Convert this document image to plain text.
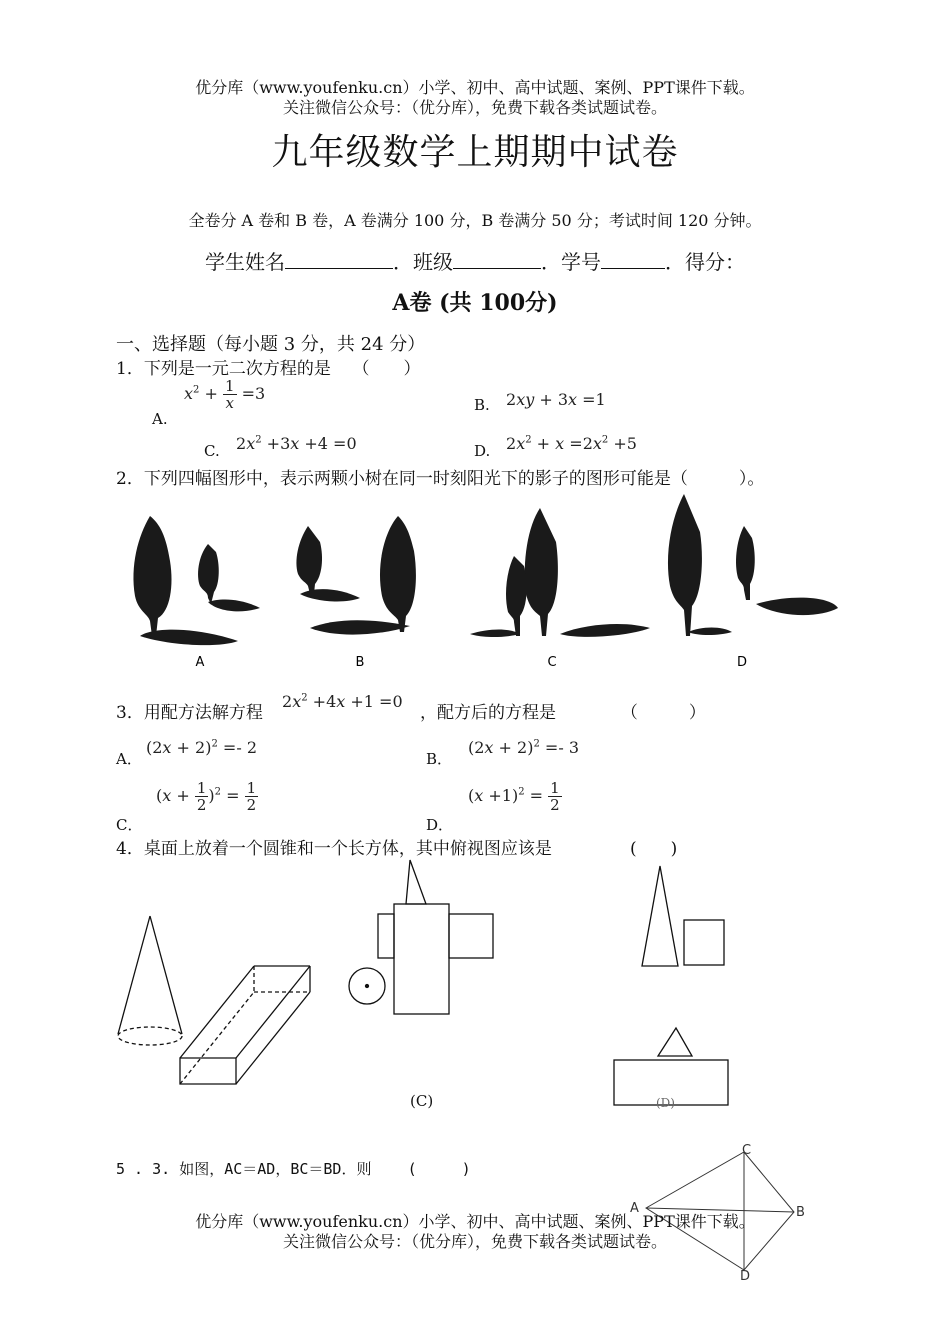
优分库（www.youfenku.cn）小学、初中、高中试题、案例、PPT课件下载。
关注微信公众号：（优分库），免费下载各类试题试卷。
九年级数学上期期中试卷
全卷分 A 卷和 B 卷，A 卷满分 100 分，B 卷满分 50 分；考试时间 120 分钟。
学生姓名	．班级	．学号	．得分：
A卷 (共 100分)
一、选择题（每小题 3 分，共 24 分）
1．下列是一元二次方程的是 （　　）
A.
$x^2 + \frac{1}{x} =3$
B. 2xy + 3x =1
C. $2x^2 +3x +4 =0$	D. $2x^2 + x =2x^2 +5$
2．下列四幅图形中，表示两颗小树在同一时刻阳光下的影子的图形可能是（　　　）。
A	B	C	D
3．用配方法解方程
$2x^2 +4x +1 =0$
，配方后的方程是	（　　　）
A．
$(2x + 2)^2 =- 2$
B．
$(2x + 2)^2 =- 3$
C．
$(x + \frac{1}{2} )^2 = \frac{1}{2}$
D．
$(x +1)^2 = \frac{1}{2}$
4．桌面上放着一个圆锥和一个长方体，其中俯视图应该是	(　　)
(C)	(D)
5 . 3. 如图，AC＝AD，BC＝BD．则 (　　　)
A	B
C
D
优分库（www.youfenku.cn）小学、初中、高中试题、案例、PPT课件下载。
关注微信公众号：（优分库），免费下载各类试题试卷。
